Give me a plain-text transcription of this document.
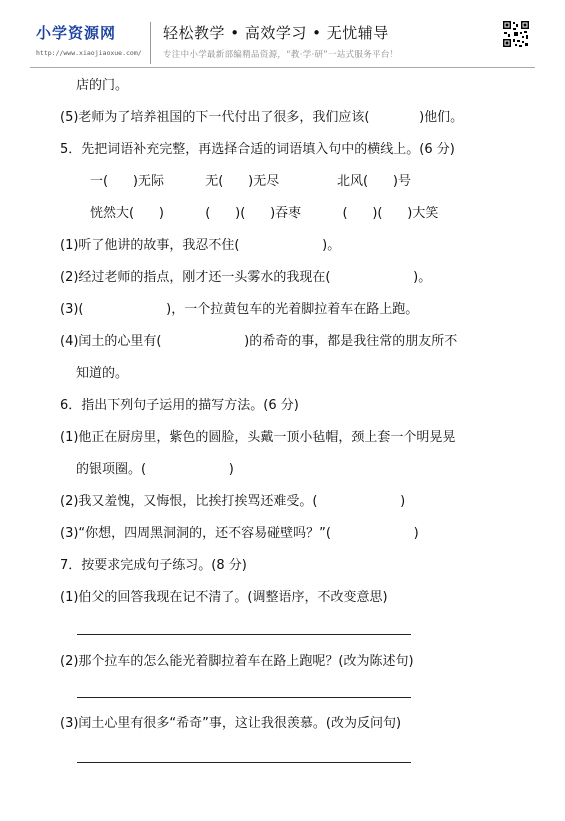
小学资源网
http://www.xiaojiaoxue.com/
轻松教学 • 高效学习 • 无忧辅导
专注中小学最新部编精品资源，“教·学·研”一站式服务平台！
店的门。
(5)老师为了培养祖国的下一代付出了很多，我们应该(            )他们。
5．先把词语补充完整，再选择合适的词语填入句中的横线上。(6 分)
一(      )无际          无(      )无尽              北风(      )号
恍然大(      )          (      )(      )吞枣          (      )(      )大笑
(1)听了他讲的故事，我忍不住(                    )。
(2)经过老师的指点，刚才还一头雾水的我现在(                    )。
(3)(                    )，一个拉黄包车的光着脚拉着车在路上跑。
(4)闰土的心里有(                    )的希奇的事，都是我往常的朋友所不
知道的。
6．指出下列句子运用的描写方法。(6 分)
(1)他正在厨房里，紫色的圆脸，头戴一顶小毡帽，颈上套一个明晃晃
的银项圈。(                    )
(2)我又羞愧，又悔恨，比挨打挨骂还难受。(                    )
(3)“你想，四周黑洞洞的，还不容易碰壁吗？”(                    )
7．按要求完成句子练习。(8 分)
(1)伯父的回答我现在记不清了。(调整语序，不改变意思)
(2)那个拉车的怎么能光着脚拉着车在路上跑呢？(改为陈述句)
(3)闰土心里有很多“希奇”事，这让我很羡慕。(改为反问句)
